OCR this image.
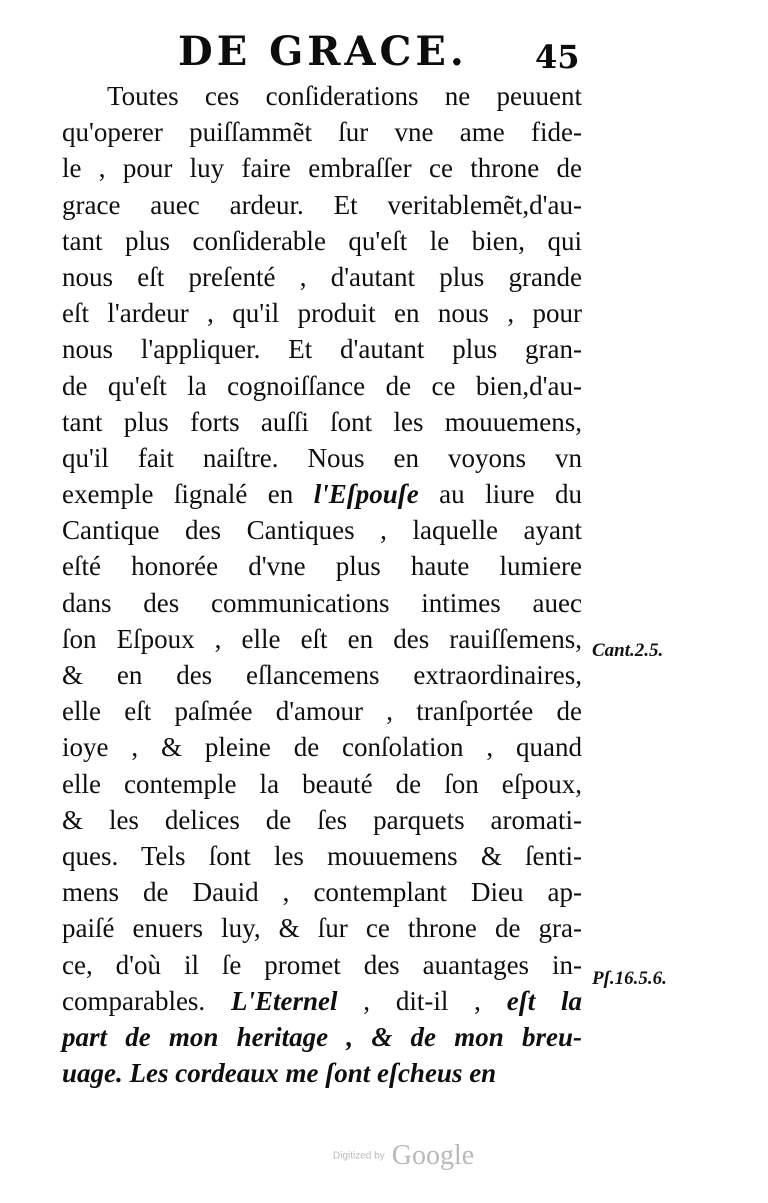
DE GRACE. 45
Toutes ces conſiderations ne peuuent
qu'operer puiſſammẽt ſur vne ame fide-
le , pour luy faire embraſſer ce throne de
grace auec ardeur. Et veritablemẽt,d'au-
tant plus conſiderable qu'eſt le bien, qui
nous eſt preſenté , d'autant plus grande
eſt l'ardeur , qu'il produit en nous , pour
nous l'appliquer. Et d'autant plus gran-
de qu'eſt la cognoiſſance de ce bien,d'au-
tant plus forts auſſi ſont les mouuemens,
qu'il fait naiſtre. Nous en voyons vn
exemple ſignalé en l'Eſpouſe au liure du
Cantique des Cantiques , laquelle ayant
eſté honorée d'vne plus haute lumiere
dans des communications intimes auec
ſon Eſpoux , elle eſt en des rauiſſemens,
& en des eſlancemens extraordinaires,
elle eſt paſmée d'amour , tranſportée de
ioye , & pleine de conſolation , quand
elle contemple la beauté de ſon eſpoux,
& les delices de ſes parquets aromati-
ques. Tels ſont les mouuemens & ſenti-
mens de Dauid , contemplant Dieu ap-
paiſé enuers luy, & ſur ce throne de gra-
ce, d'où il ſe promet des auantages in-
comparables. L'Eternel , dit-il , eſt la
part de mon heritage , & de mon breu-
uage. Les cordeaux me ſont eſcheus en
Cant.2.5.
Pſ.16.5.6.
Digitized by Google
